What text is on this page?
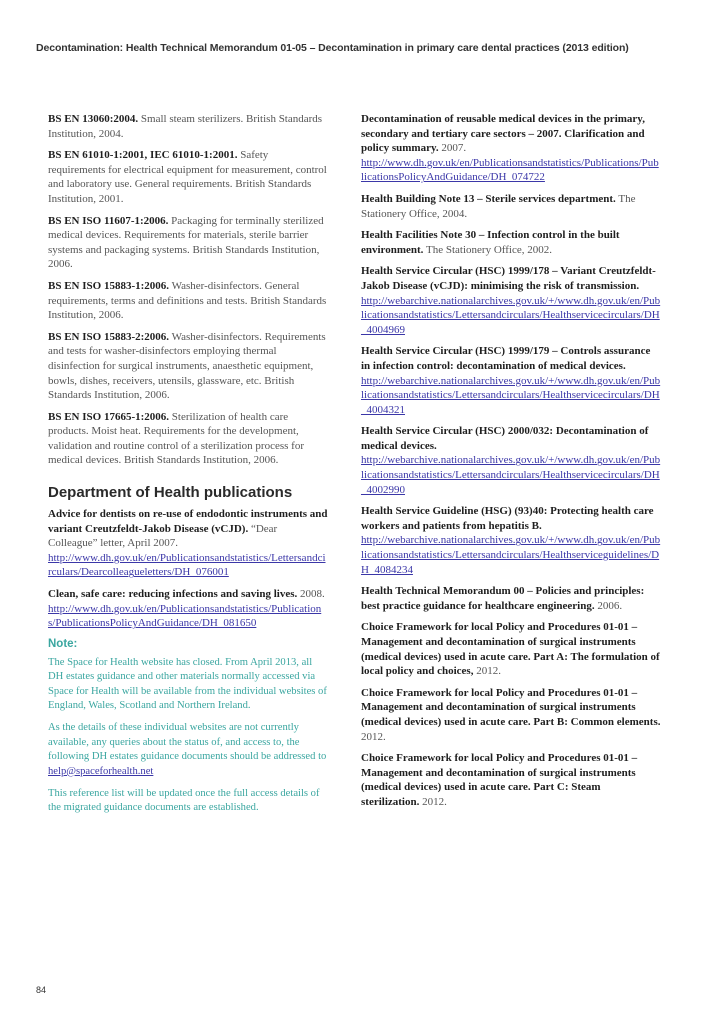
Decontamination: Health Technical Memorandum 01-05 – Decontamination in primary care dental practices (2013 edition)
BS EN 13060:2004. Small steam sterilizers. British Standards Institution, 2004.
BS EN 61010-1:2001, IEC 61010-1:2001. Safety requirements for electrical equipment for measurement, control and laboratory use. General requirements. British Standards Institution, 2001.
BS EN ISO 11607-1:2006. Packaging for terminally sterilized medical devices. Requirements for materials, sterile barrier systems and packaging systems. British Standards Institution, 2006.
BS EN ISO 15883-1:2006. Washer-disinfectors. General requirements, terms and definitions and tests. British Standards Institution, 2006.
BS EN ISO 15883-2:2006. Washer-disinfectors. Requirements and tests for washer-disinfectors employing thermal disinfection for surgical instruments, anaesthetic equipment, bowls, dishes, receivers, utensils, glassware, etc. British Standards Institution, 2006.
BS EN ISO 17665-1:2006. Sterilization of health care products. Moist heat. Requirements for the development, validation and routine control of a sterilization process for medical devices. British Standards Institution, 2006.
Department of Health publications
Advice for dentists on re-use of endodontic instruments and variant Creutzfeldt-Jakob Disease (vCJD). “Dear Colleague” letter, April 2007.
http://www.dh.gov.uk/en/Publicationsandstatistics/Lettersandcirculars/Dearcolleagueletters/DH_076001
Clean, safe care: reducing infections and saving lives. 2008.
http://www.dh.gov.uk/en/Publicationsandstatistics/Publications/PublicationsPolicyAndGuidance/DH_081650
Note:
The Space for Health website has closed. From April 2013, all DH estates guidance and other materials normally accessed via Space for Health will be available from the individual websites of England, Wales, Scotland and Northern Ireland.
As the details of these individual websites are not currently available, any queries about the status of, and access to, the following DH estates guidance documents should be addressed to help@spaceforhealth.net
This reference list will be updated once the full access details of the migrated guidance documents are established.
Decontamination of reusable medical devices in the primary, secondary and tertiary care sectors – 2007. Clarification and policy summary. 2007.
http://www.dh.gov.uk/en/Publicationsandstatistics/Publications/PublicationsPolicyAndGuidance/DH_074722
Health Building Note 13 – Sterile services department. The Stationery Office, 2004.
Health Facilities Note 30 – Infection control in the built environment. The Stationery Office, 2002.
Health Service Circular (HSC) 1999/178 – Variant Creutzfeldt-Jakob Disease (vCJD): minimising the risk of transmission.
http://webarchive.nationalarchives.gov.uk/+/www.dh.gov.uk/en/Publicationsandstatistics/Lettersandcirculars/Healthservicecirculars/DH_4004969
Health Service Circular (HSC) 1999/179 – Controls assurance in infection control: decontamination of medical devices.
http://webarchive.nationalarchives.gov.uk/+/www.dh.gov.uk/en/Publicationsandstatistics/Lettersandcirculars/Healthservicecirculars/DH_4004321
Health Service Circular (HSC) 2000/032: Decontamination of medical devices.
http://webarchive.nationalarchives.gov.uk/+/www.dh.gov.uk/en/Publicationsandstatistics/Lettersandcirculars/Healthservicecirculars/DH_4002990
Health Service Guideline (HSG) (93)40: Protecting health care workers and patients from hepatitis B.
http://webarchive.nationalarchives.gov.uk/+/www.dh.gov.uk/en/Publicationsandstatistics/Lettersandcirculars/Healthserviceguidelines/DH_4084234
Health Technical Memorandum 00 – Policies and principles: best practice guidance for healthcare engineering. 2006.
Choice Framework for local Policy and Procedures 01-01 – Management and decontamination of surgical instruments (medical devices) used in acute care. Part A: The formulation of local policy and choices, 2012.
Choice Framework for local Policy and Procedures 01-01 – Management and decontamination of surgical instruments (medical devices) used in acute care. Part B: Common elements. 2012.
Choice Framework for local Policy and Procedures 01-01 – Management and decontamination of surgical instruments (medical devices) used in acute care. Part C: Steam sterilization. 2012.
84
